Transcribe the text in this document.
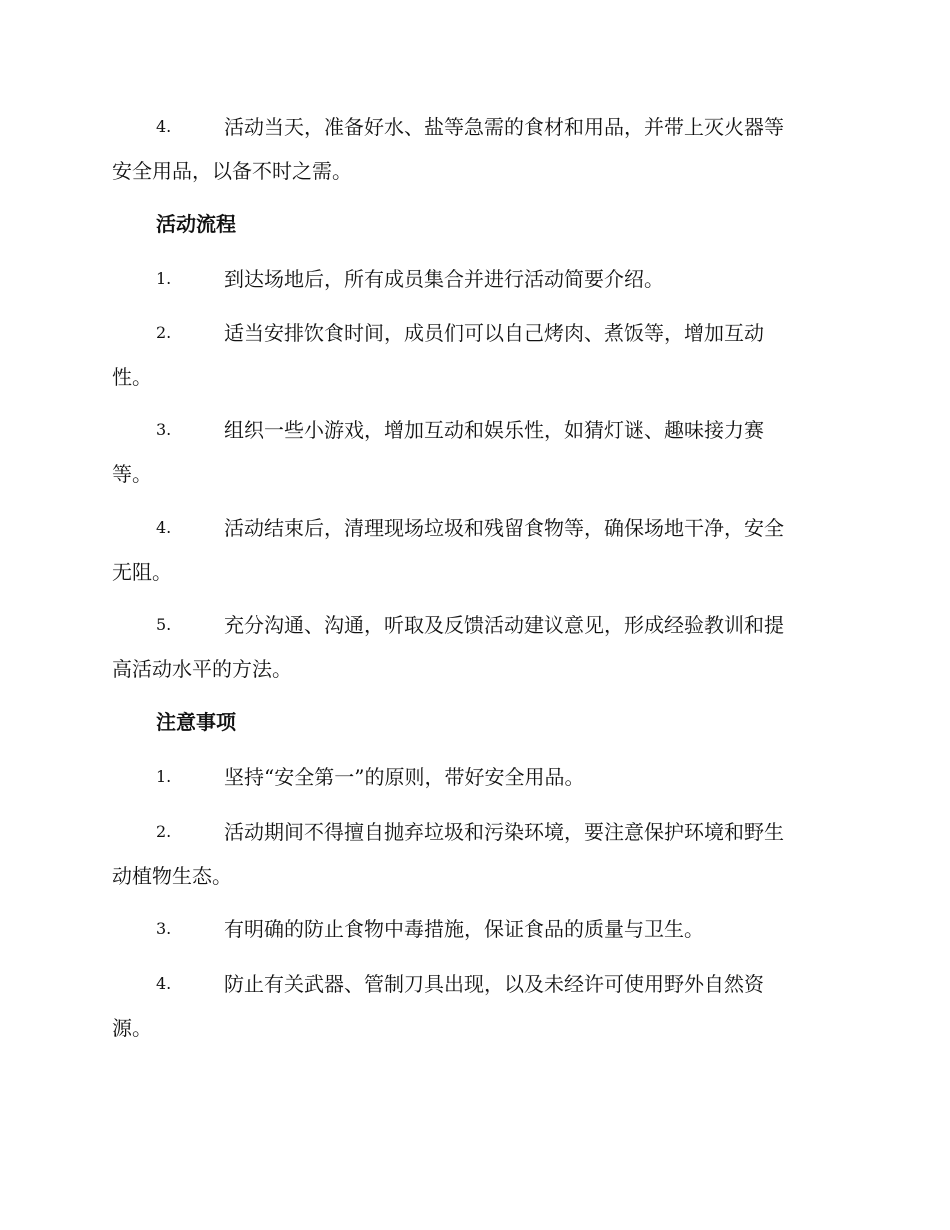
4.	活动当天，准备好水、盐等急需的食材和用品，并带上灭火器等
安全用品，以备不时之需。
活动流程
1.	到达场地后，所有成员集合并进行活动简要介绍。
2.	适当安排饮食时间，成员们可以自己烤肉、煮饭等，增加互动
性。
3.	组织一些小游戏，增加互动和娱乐性，如猜灯谜、趣味接力赛
等。
4.	活动结束后，清理现场垃圾和残留食物等，确保场地干净，安全
无阻。
5.	充分沟通、沟通，听取及反馈活动建议意见，形成经验教训和提
高活动水平的方法。
注意事项
1.	坚持“安全第一”的原则，带好安全用品。
2.	活动期间不得擅自抛弃垃圾和污染环境，要注意保护环境和野生
动植物生态。
3.	有明确的防止食物中毒措施，保证食品的质量与卫生。
4.	防止有关武器、管制刀具出现，以及未经许可使用野外自然资
源。
